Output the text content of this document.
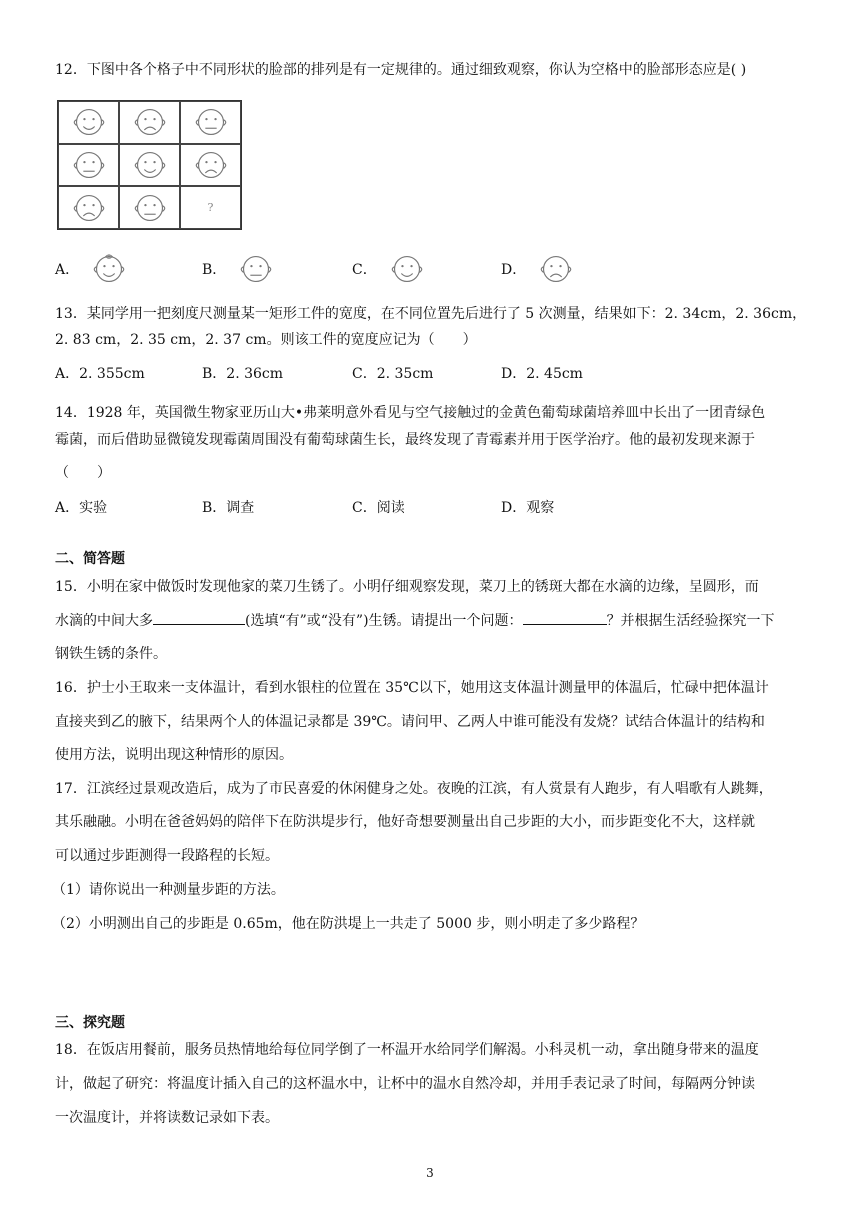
12．下图中各个格子中不同形状的脸部的排列是有一定规律的。通过细致观察，你认为空格中的脸部形态应是( )
?
A．	B．	C．	D．
13．某同学用一把刻度尺测量某一矩形工件的宽度，在不同位置先后进行了 5 次测量，结果如下：2. 34cm，2. 36cm，
2. 83 cm，2. 35 cm，2. 37 cm。则该工件的宽度应记为（　　）
A．2. 355cm	B．2. 36cm	C．2. 35cm	D．2. 45cm
14．1928 年，英国微生物家亚历山大•弗莱明意外看见与空气接触过的金黄色葡萄球菌培养皿中长出了一团青绿色
霉菌，而后借助显微镜发现霉菌周围没有葡萄球菌生长，最终发现了青霉素并用于医学治疗。他的最初发现来源于
（　　）
A．实验	B．调查	C．阅读	D．观察
二、简答题
15．小明在家中做饭时发现他家的菜刀生锈了。小明仔细观察发现，菜刀上的锈斑大都在水滴的边缘，呈圆形，而
水滴的中间大多	(选填“有”或“没有”)生锈。请提出一个问题：	？并根据生活经验探究一下
钢铁生锈的条件。
16．护士小王取来一支体温计，看到水银柱的位置在 35℃以下，她用这支体温计测量甲的体温后，忙碌中把体温计
直接夹到乙的腋下，结果两个人的体温记录都是 39℃。请问甲、乙两人中谁可能没有发烧？试结合体温计的结构和
使用方法，说明出现这种情形的原因。
17．江滨经过景观改造后，成为了市民喜爱的休闲健身之处。夜晚的江滨，有人赏景有人跑步，有人唱歌有人跳舞，
其乐融融。小明在爸爸妈妈的陪伴下在防洪堤步行，他好奇想要测量出自己步距的大小，而步距变化不大，这样就
可以通过步距测得一段路程的长短。
（1）请你说出一种测量步距的方法。
（2）小明测出自己的步距是 0.65m，他在防洪堤上一共走了 5000 步，则小明走了多少路程？
三、探究题
18．在饭店用餐前，服务员热情地给每位同学倒了一杯温开水给同学们解渴。小科灵机一动，拿出随身带来的温度
计，做起了研究：将温度计插入自己的这杯温水中，让杯中的温水自然冷却，并用手表记录了时间，每隔两分钟读
一次温度计，并将读数记录如下表。
3
